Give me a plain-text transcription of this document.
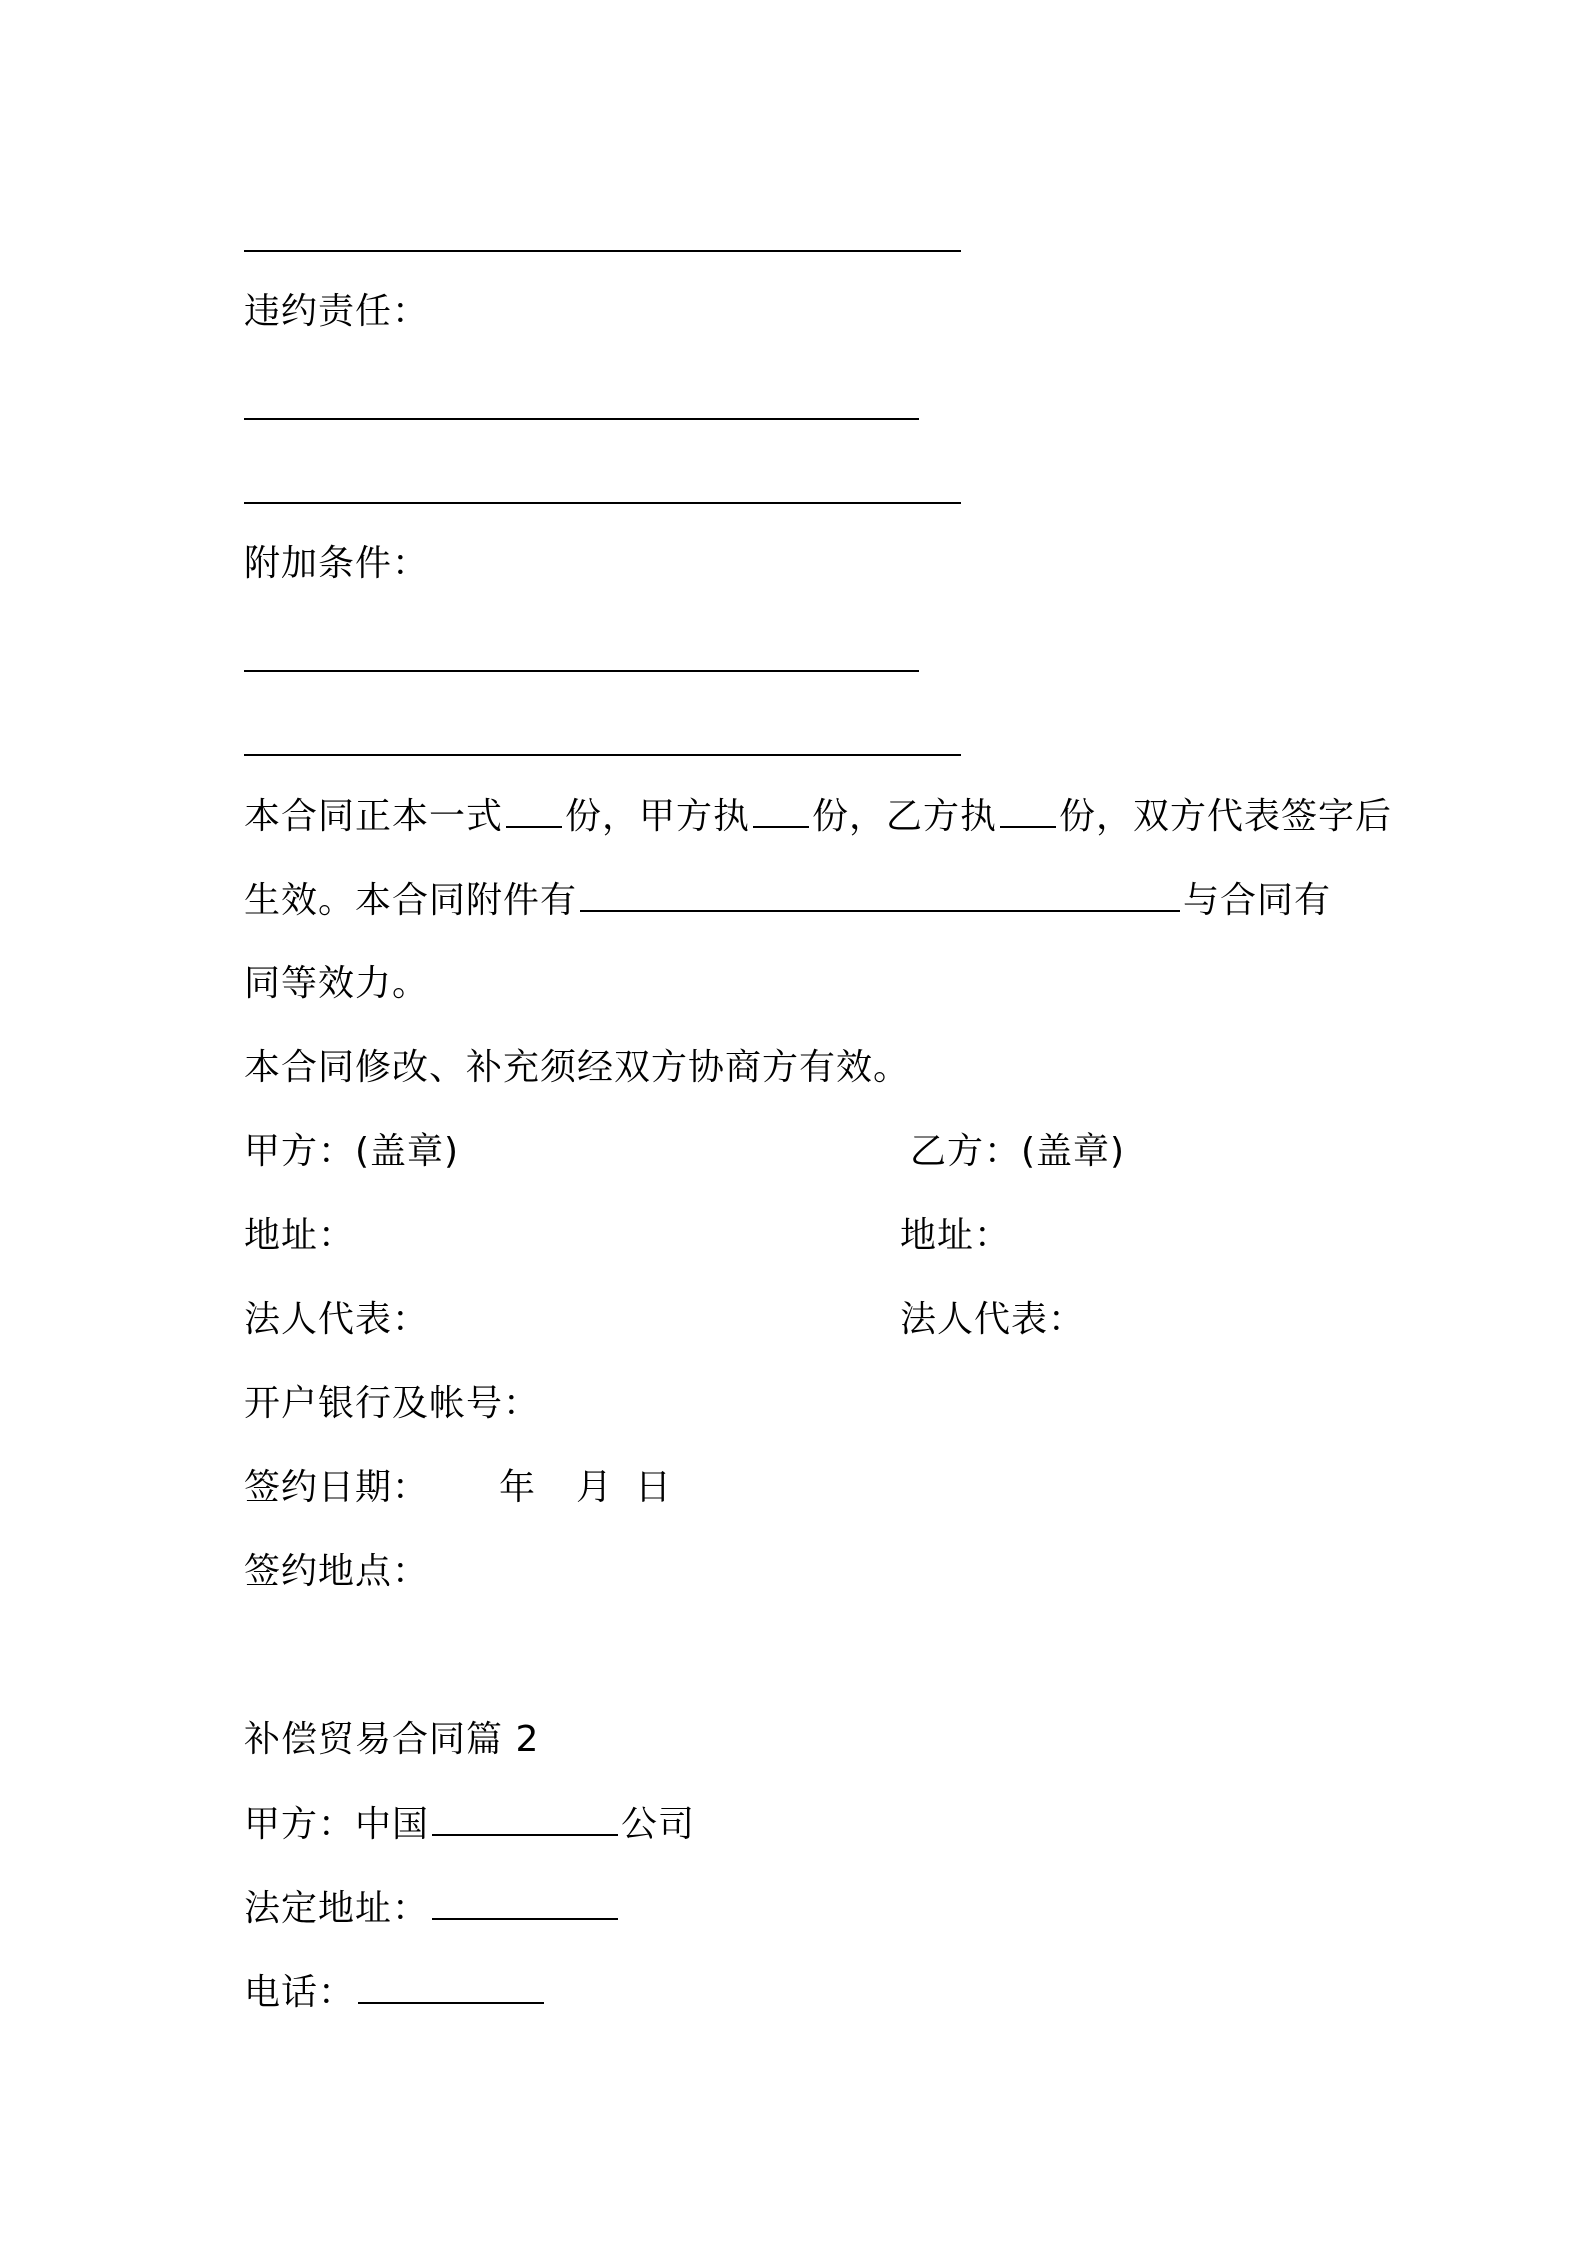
违约责任：
附加条件：
本合同正本一式 份，甲方执 份，乙方执 份，双方代表签字后
生效。本合同附件有	与合同有
同等效力。
本合同修改、补充须经双方协商方有效。
甲方：(盖章)	乙方：(盖章)
地址：	地址：
法人代表：	法人代表：
开户银行及帐号：
签约日期： 年 月 日
签约地点：
补偿贸易合同篇 2
甲方：中国	公司
法定地址：
电话：
